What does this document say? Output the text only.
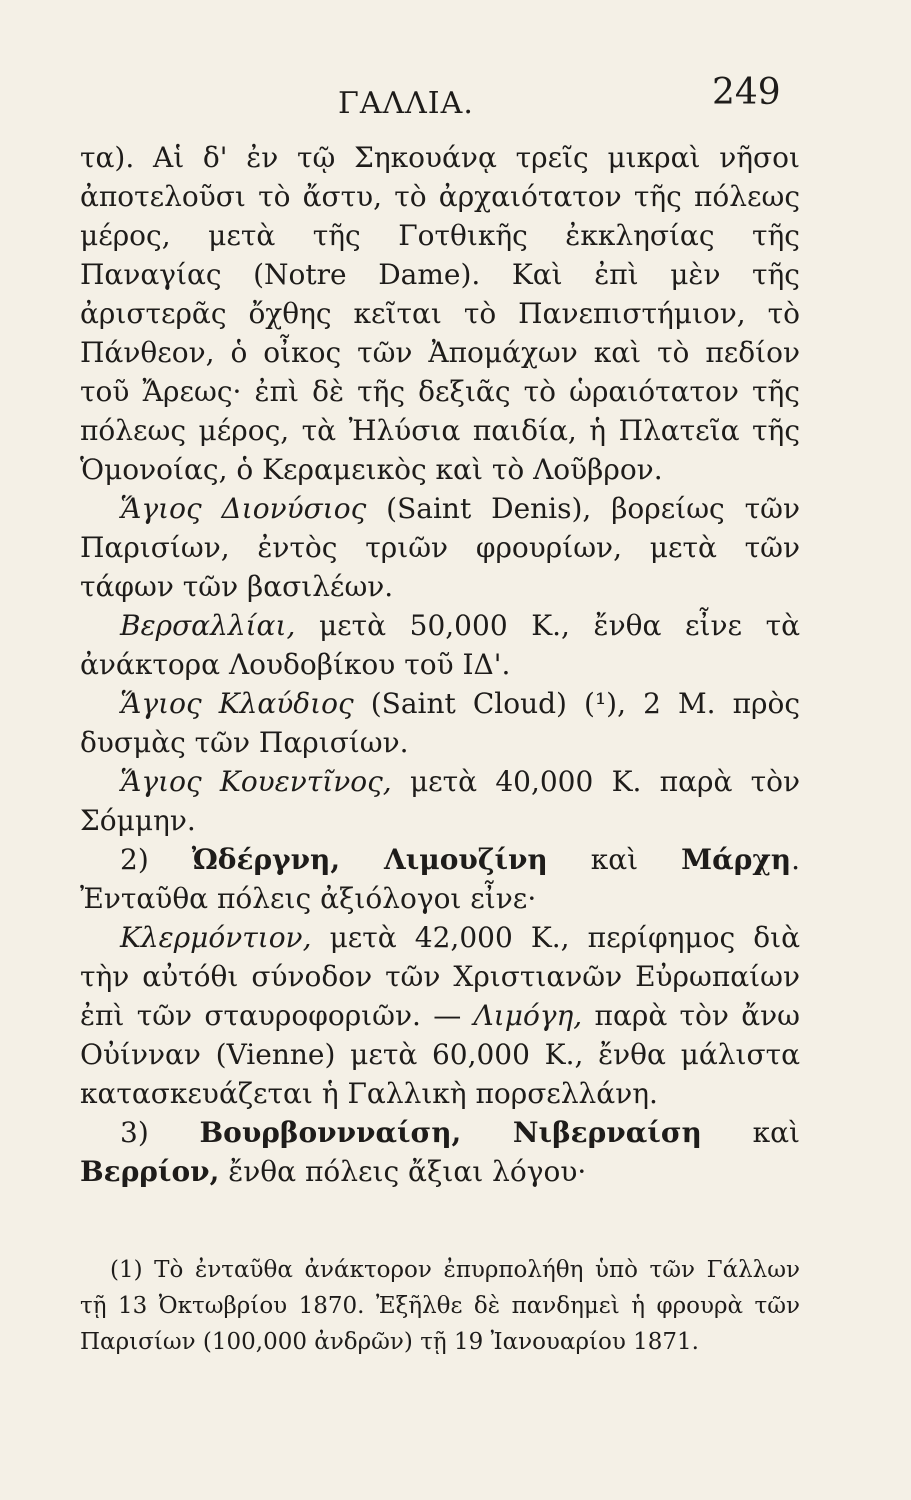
ΓΑΛΛΙΑ.	249

τα). Αἱ δ' ἐν τῷ Σηκουάνᾳ τρεῖς μικραὶ νῆσοι ἀποτελοῦσι τὸ ἄστυ, τὸ ἀρχαιότατον τῆς πόλεως μέρος, μετὰ τῆς Γοτθικῆς ἐκκλησίας τῆς Παναγίας (Notre Dame). Καὶ ἐπὶ μὲν τῆς ἀριστερᾶς ὄχθης κεῖται τὸ Πανεπιστήμιον, τὸ Πάνθεον, ὁ οἶκος τῶν Ἀπομάχων καὶ τὸ πεδίον τοῦ Ἄρεως· ἐπὶ δὲ τῆς δεξιᾶς τὸ ὡραιότατον τῆς πόλεως μέρος, τὰ Ἠλύσια παιδία, ἡ Πλατεῖα τῆς Ὁμονοίας, ὁ Κεραμεικὸς καὶ τὸ Λοῦβρον.

Ἅγιος Διονύσιος (Saint Denis), βορείως τῶν Παρισίων, ἐντὸς τριῶν φρουρίων, μετὰ τῶν τάφων τῶν βασιλέων.

Βερσαλλίαι, μετὰ 50,000 Κ., ἔνθα εἶνε τὰ ἀνάκτορα Λουδοβίκου τοῦ ΙΔ'.

Ἅγιος Κλαύδιος (Saint Cloud) (¹), 2 Μ. πρὸς δυσμὰς τῶν Παρισίων.

Ἅγιος Κουεντῖνος, μετὰ 40,000 Κ. παρὰ τὸν Σόμμην.

2) Ὠδέργνη, Λιμουζίνη καὶ Μάρχη. Ἐνταῦθα πόλεις ἀξιόλογοι εἶνε·

Κλερμόντιον, μετὰ 42,000 Κ., περίφημος διὰ τὴν αὐτόθι σύνοδον τῶν Χριστιανῶν Εὐρωπαίων ἐπὶ τῶν σταυροφοριῶν. — Λιμόγη, παρὰ τὸν ἄνω Οὐίνναν (Vienne) μετὰ 60,000 Κ., ἔνθα μάλιστα κατασκευάζεται ἡ Γαλλικὴ πορσελλάνη.

3) Βουρβοννναίση, Νιβερναίση καὶ Βερρίον, ἔνθα πόλεις ἄξιαι λόγου·

(1) Τὸ ἐνταῦθα ἀνάκτορον ἐπυρπολήθη ὑπὸ τῶν Γάλλων τῇ 13 Ὀκτωβρίου 1870. Ἐξῆλθε δὲ πανδημεὶ ἡ φρουρὰ τῶν Παρισίων (100,000 ἀνδρῶν) τῇ 19 Ἰανουαρίου 1871.
